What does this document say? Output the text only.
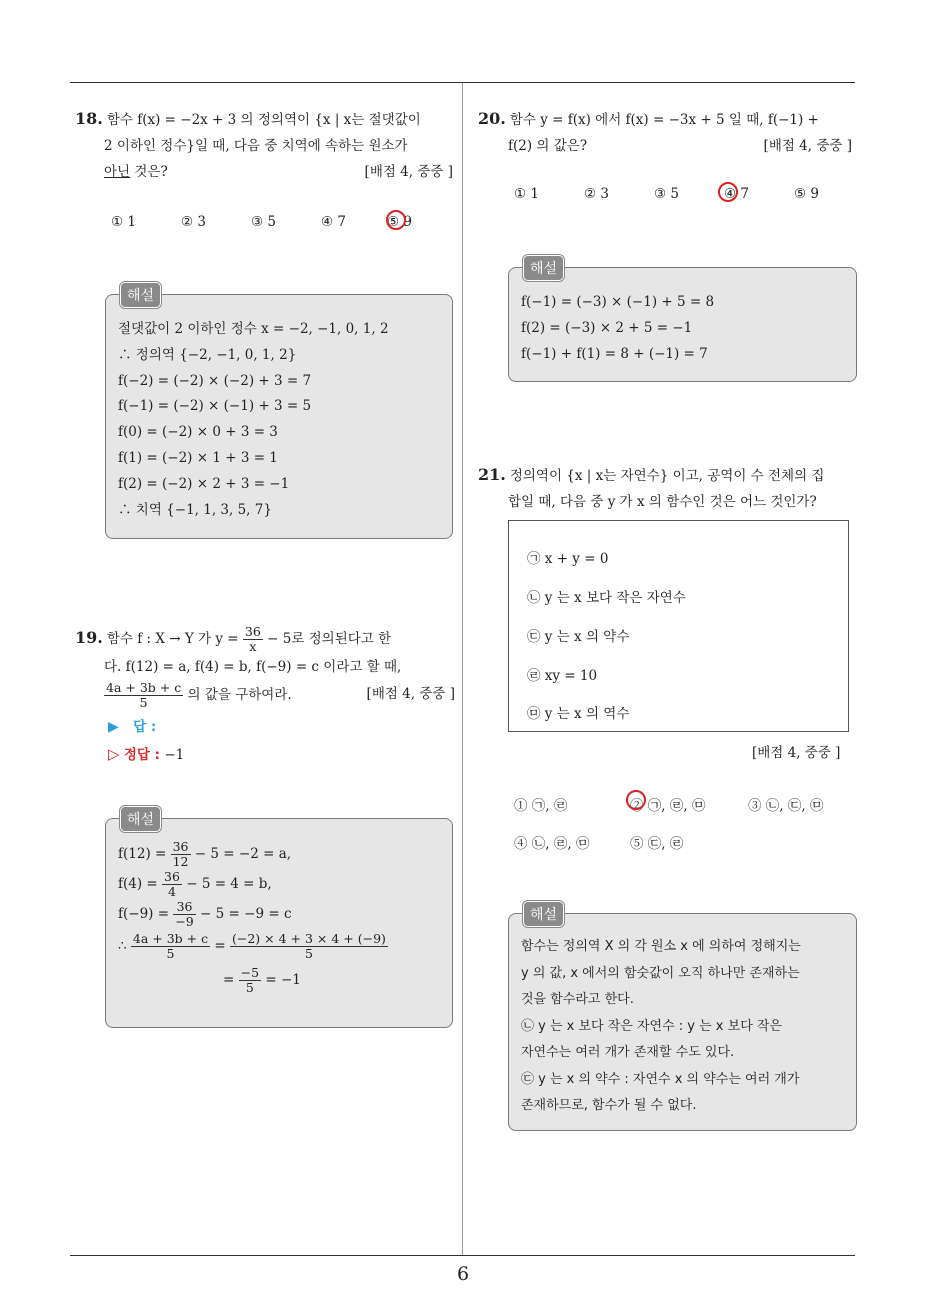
6
18. 함수 f(x) = −2x + 3 의 정의역이 {x | x는 절댓값이
2 이하인 정수}일 때, 다음 중 치역에 속하는 원소가
아닌 것은?	[배점 4, 중중 ]
① 1	② 3	③ 5	④ 7	⑤ 9
해설
절댓값이 2 이하인 정수 x = −2, −1, 0, 1, 2
∴ 정의역 {−2, −1, 0, 1, 2}
f(−2) = (−2) × (−2) + 3 = 7
f(−1) = (−2) × (−1) + 3 = 5
f(0) = (−2) × 0 + 3 = 3
f(1) = (−2) × 1 + 3 = 1
f(2) = (−2) × 2 + 3 = −1
∴ 치역 {−1, 1, 3, 5, 7}
19. 함수 f : X → Y 가 $y = \frac{36}{x} - 5$로 정의된다고 한
다. f(12) = a, f(4) = b, f(−9) = c 이라고 할 때,
$\frac{4a + 3b + c}{5}$ 의 값을 구하여라.	[배점 4, 중중 ]
▶ 답 :
▷ 정답 : −1
해설
$f(12) = \frac{36}{12} - 5 = -2 = a$,
$f(4) = \frac{36}{4} - 5 = 4 = b$,
$f(-9) = \frac{36}{-9} - 5 = -9 = c$
∴ $\frac{4a + 3b + c}{5} = \frac{(-2) \times 4 + 3 \times 4 + (-9)}{5}$
= $\frac{-5}{5} = -1$
20. 함수 y = f(x) 에서 f(x) = −3x + 5 일 때, f(−1) +
f(2) 의 값은?	[배점 4, 중중 ]
① 1	② 3	③ 5	④ 7	⑤ 9
해설
f(−1) = (−3) × (−1) + 5 = 8
f(2) = (−3) × 2 + 5 = −1
f(−1) + f(1) = 8 + (−1) = 7
21. 정의역이 {x | x는 자연수} 이고, 공역이 수 전체의 집
합일 때, 다음 중 y 가 x 의 함수인 것은 어느 것인가?
㉠ x + y = 0
㉡ y 는 x 보다 작은 자연수
㉢ y 는 x 의 약수
㉣ xy = 10
㉤ y 는 x 의 역수
[배점 4, 중중 ]
① ㉠, ㉣	② ㉠, ㉣, ㉤	③ ㉡, ㉢, ㉤
④ ㉡, ㉣, ㉤	⑤ ㉢, ㉣
해설
함수는 정의역 X 의 각 원소 x 에 의하여 정해지는
y 의 값, x 에서의 함숫값이 오직 하나만 존재하는
것을 함수라고 한다.
㉡ y 는 x 보다 작은 자연수 : y 는 x 보다 작은
자연수는 여러 개가 존재할 수도 있다.
㉢ y 는 x 의 약수 : 자연수 x 의 약수는 여러 개가
존재하므로, 함수가 될 수 없다.
